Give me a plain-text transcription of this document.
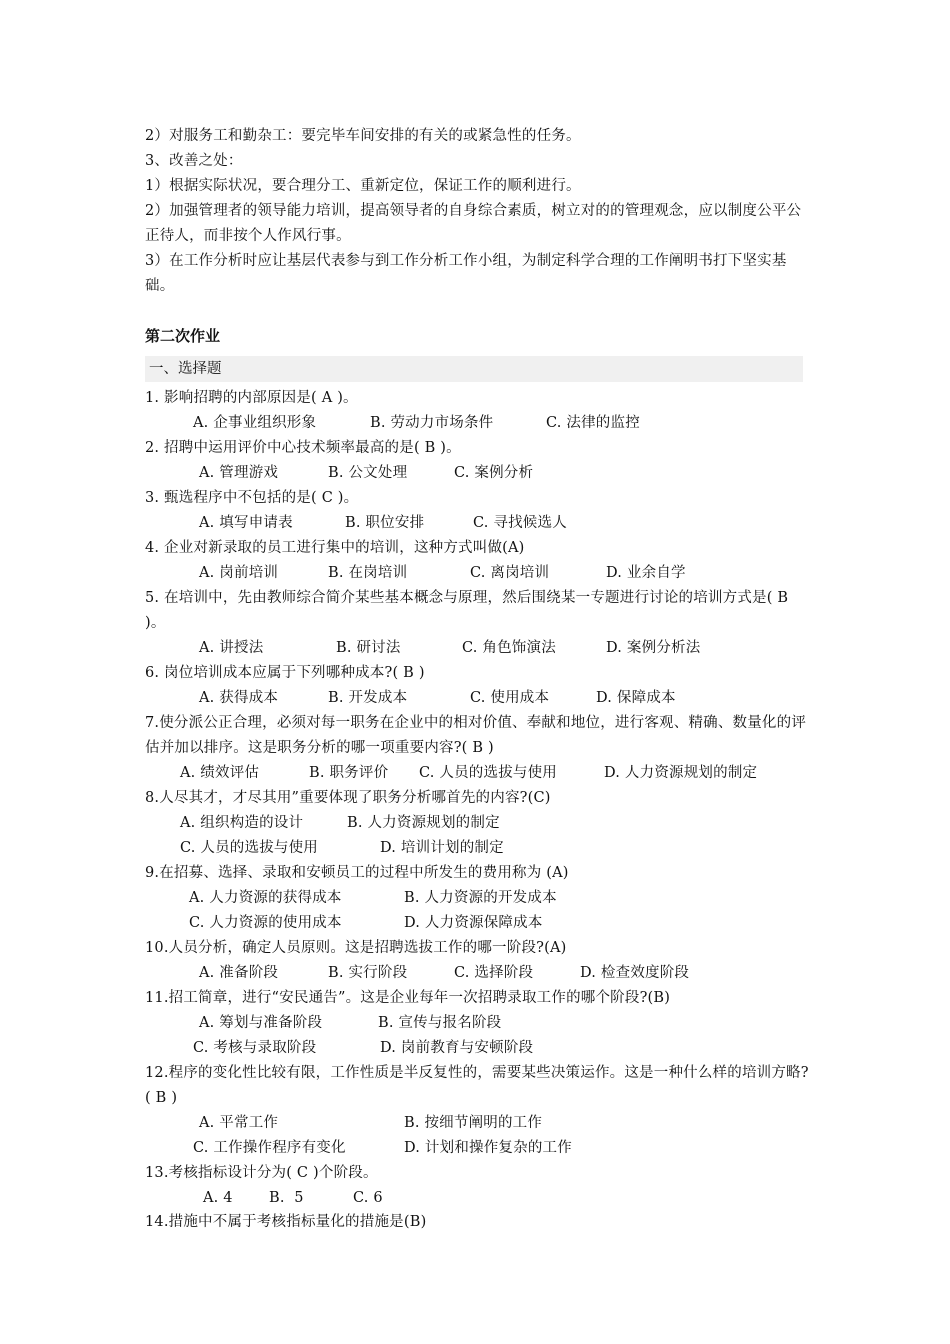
2）对服务工和勤杂工：要完毕车间安排的有关的或紧急性的任务。
3、改善之处：
1）根据实际状况，要合理分工、重新定位，保证工作的顺利进行。
2）加强管理者的领导能力培训，提高领导者的自身综合素质，树立对的的管理观念，应以制度公平公正待人，而非按个人作风行事。
3）在工作分析时应让基层代表参与到工作分析工作小组，为制定科学合理的工作阐明书打下坚实基础。
第二次作业
一、选择题
1. 影响招聘的内部原因是( A )。
A. 企事业组织形象	B. 劳动力市场条件	C. 法律的监控
2. 招聘中运用评价中心技术频率最高的是( B )。
A. 管理游戏	B. 公文处理	C. 案例分析
3. 甄选程序中不包括的是( C )。
A. 填写申请表	B. 职位安排	C. 寻找候选人
4. 企业对新录取的员工进行集中的培训，这种方式叫做(A)
A. 岗前培训	B. 在岗培训	C. 离岗培训	D. 业余自学
5. 在培训中，先由教师综合简介某些基本概念与原理，然后围绕某一专题进行讨论的培训方式是( B )。
A. 讲授法	B. 研讨法	C. 角色饰演法	D. 案例分析法
6. 岗位培训成本应属于下列哪种成本?( B )
A. 获得成本	B. 开发成本	C. 使用成本	D. 保障成本
7.使分派公正合理，必须对每一职务在企业中的相对价值、奉献和地位，进行客观、精确、数量化的评估并加以排序。这是职务分析的哪一项重要内容?( B )
A. 绩效评估	B. 职务评价 C. 人员的选拔与使用	D. 人力资源规划的制定
8.人尽其才，才尽其用”重要体现了职务分析哪首先的内容?(C)
A. 组织构造的设计	B. 人力资源规划的制定
C. 人员的选拔与使用	D. 培训计划的制定
9.在招募、选择、录取和安顿员工的过程中所发生的费用称为 (A)
A. 人力资源的获得成本	B. 人力资源的开发成本
C. 人力资源的使用成本	D. 人力资源保障成本
10.人员分析，确定人员原则。这是招聘选拔工作的哪一阶段?(A)
A. 准备阶段	B. 实行阶段	C. 选择阶段	D. 检查效度阶段
11.招工简章，进行“安民通告”。这是企业每年一次招聘录取工作的哪个阶段?(B)
A. 筹划与准备阶段	B. 宣传与报名阶段
C. 考核与录取阶段	D. 岗前教育与安顿阶段
12.程序的变化性比较有限，工作性质是半反复性的，需要某些决策运作。这是一种什么样的培训方略?( B )
A. 平常工作	B. 按细节阐明的工作
C. 工作操作程序有变化	D. 计划和操作复杂的工作
13.考核指标设计分为( C )个阶段。
A. 4	B.  5	C. 6
14.措施中不属于考核指标量化的措施是(B)
